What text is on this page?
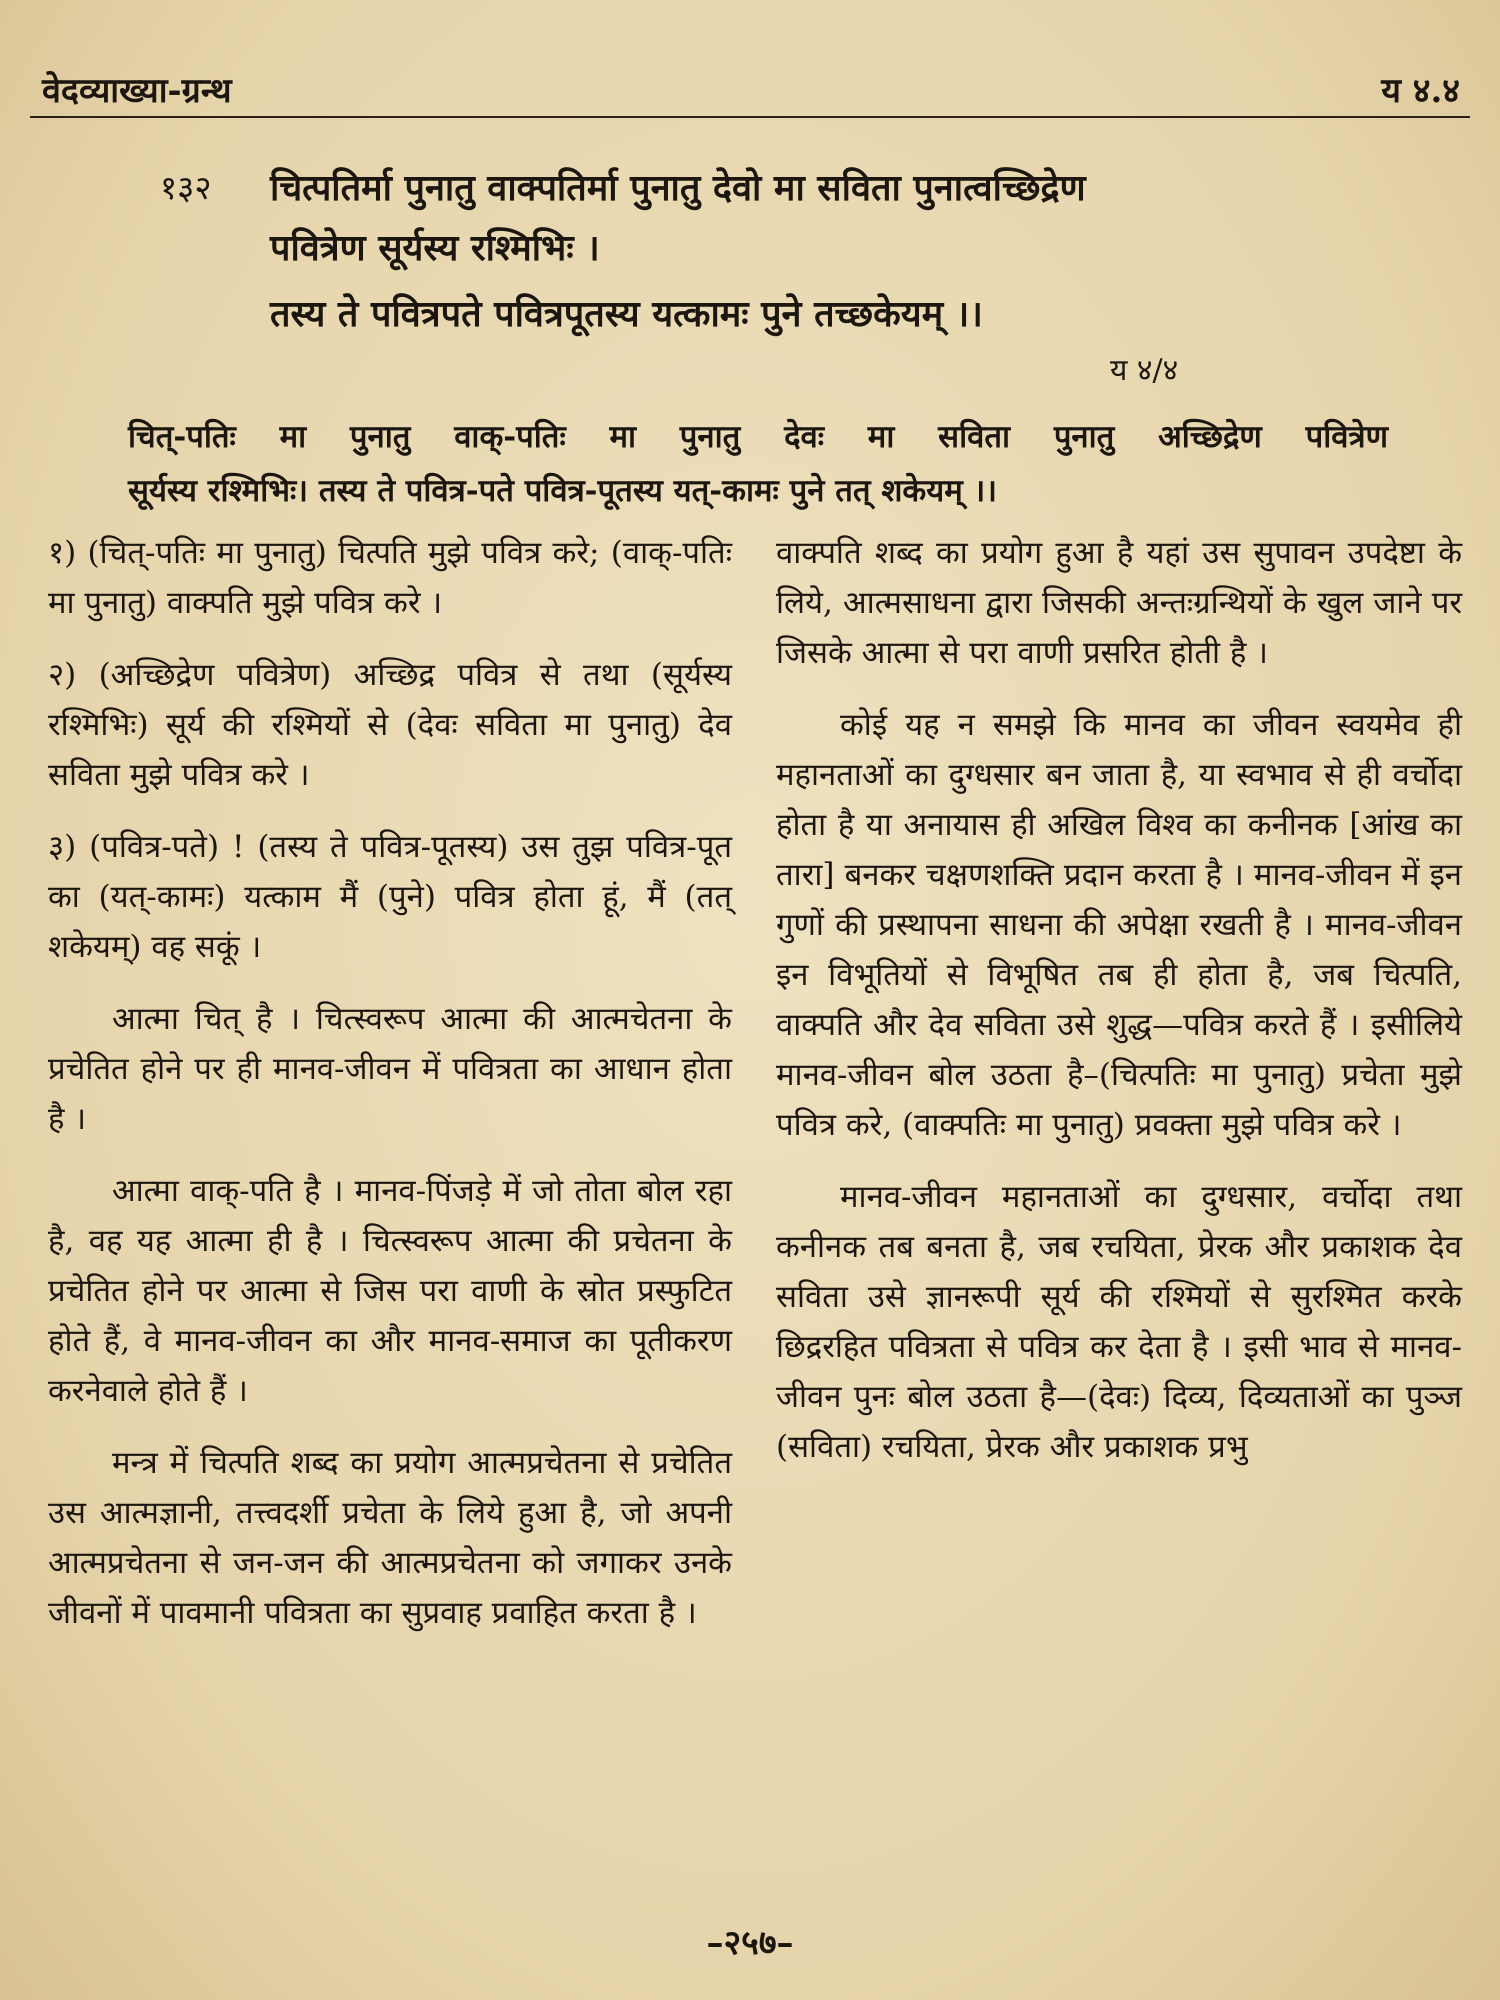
वेदव्याख्या-ग्रन्थ	य ४.४
१३२	चित्पतिर्मा पुनातु वाक्पतिर्मा पुनातु देवो मा सविता पुनात्वच्छिद्रेण
पवित्रेण सूर्यस्य रश्मिभिः ।
तस्य ते पवित्रपते पवित्रपूतस्य यत्कामः पुने तच्छकेयम् ।।
य ४/४
चित्-पतिः मा पुनातु वाक्-पतिः मा पुनातु देवः मा सविता पुनातु अच्छिद्रेण पवित्रेण
सूर्यस्य रश्मिभिः। तस्य ते पवित्र-पते पवित्र-पूतस्य यत्-कामः पुने तत् शकेयम् ।।

१) (चित्-पतिः मा पुनातु) चित्पति मुझे पवित्र करे; (वाक्-पतिः मा पुनातु) वाक्पति मुझे पवित्र करे ।

२) (अच्छिद्रेण पवित्रेण) अच्छिद्र पवित्र से तथा (सूर्यस्य रश्मिभिः) सूर्य की रश्मियों से (देवः सविता मा पुनातु) देव सविता मुझे पवित्र करे ।

३) (पवित्र-पते) ! (तस्य ते पवित्र-पूतस्य) उस तुझ पवित्र-पूत का (यत्-कामः) यत्काम मैं (पुने) पवित्र होता हूं, मैं (तत् शकेयम्) वह सकूं ।

आत्मा चित् है । चित्स्वरूप आत्मा की आत्मचेतना के प्रचेतित होने पर ही मानव-जीवन में पवित्रता का आधान होता है ।

आत्मा वाक्-पति है । मानव-पिंजड़े में जो तोता बोल रहा है, वह यह आत्मा ही है । चित्स्वरूप आत्मा की प्रचेतना के प्रचेतित होने पर आत्मा से जिस परा वाणी के स्रोत प्रस्फुटित होते हैं, वे मानव-जीवन का और मानव-समाज का पूतीकरण करनेवाले होते हैं ।

मन्त्र में चित्पति शब्द का प्रयोग आत्मप्रचेतना से प्रचेतित उस आत्मज्ञानी, तत्त्वदर्शी प्रचेता के लिये हुआ है, जो अपनी आत्मप्रचेतना से जन-जन की आत्मप्रचेतना को जगाकर उनके जीवनों में पावमानी पवित्रता का सुप्रवाह प्रवाहित करता है ।

वाक्पति शब्द का प्रयोग हुआ है यहां उस सुपावन उपदेष्टा के लिये, आत्मसाधना द्वारा जिसकी अन्तःग्रन्थियों के खुल जाने पर जिसके आत्मा से परा वाणी प्रसरित होती है ।

कोई यह न समझे कि मानव का जीवन स्वयमेव ही महानताओं का दुग्धसार बन जाता है, या स्वभाव से ही वर्चोदा होता है या अनायास ही अखिल विश्व का कनीनक [आंख का तारा] बनकर चक्षणशक्ति प्रदान करता है । मानव-जीवन में इन गुणों की प्रस्थापना साधना की अपेक्षा रखती है । मानव-जीवन इन विभूतियों से विभूषित तब ही होता है, जब चित्पति, वाक्पति और देव सविता उसे शुद्ध—पवित्र करते हैं । इसीलिये मानव-जीवन बोल उठता है–(चित्पतिः मा पुनातु) प्रचेता मुझे पवित्र करे, (वाक्पतिः मा पुनातु) प्रवक्ता मुझे पवित्र करे ।

मानव-जीवन महानताओं का दुग्धसार, वर्चोदा तथा कनीनक तब बनता है, जब रचयिता, प्रेरक और प्रकाशक देव सविता उसे ज्ञानरूपी सूर्य की रश्मियों से सुरश्मित करके छिद्ररहित पवित्रता से पवित्र कर देता है । इसी भाव से मानव-जीवन पुनः बोल उठता है—(देवः) दिव्य, दिव्यताओं का पुञ्ज (सविता) रचयिता, प्रेरक और प्रकाशक प्रभु

–२५७–
